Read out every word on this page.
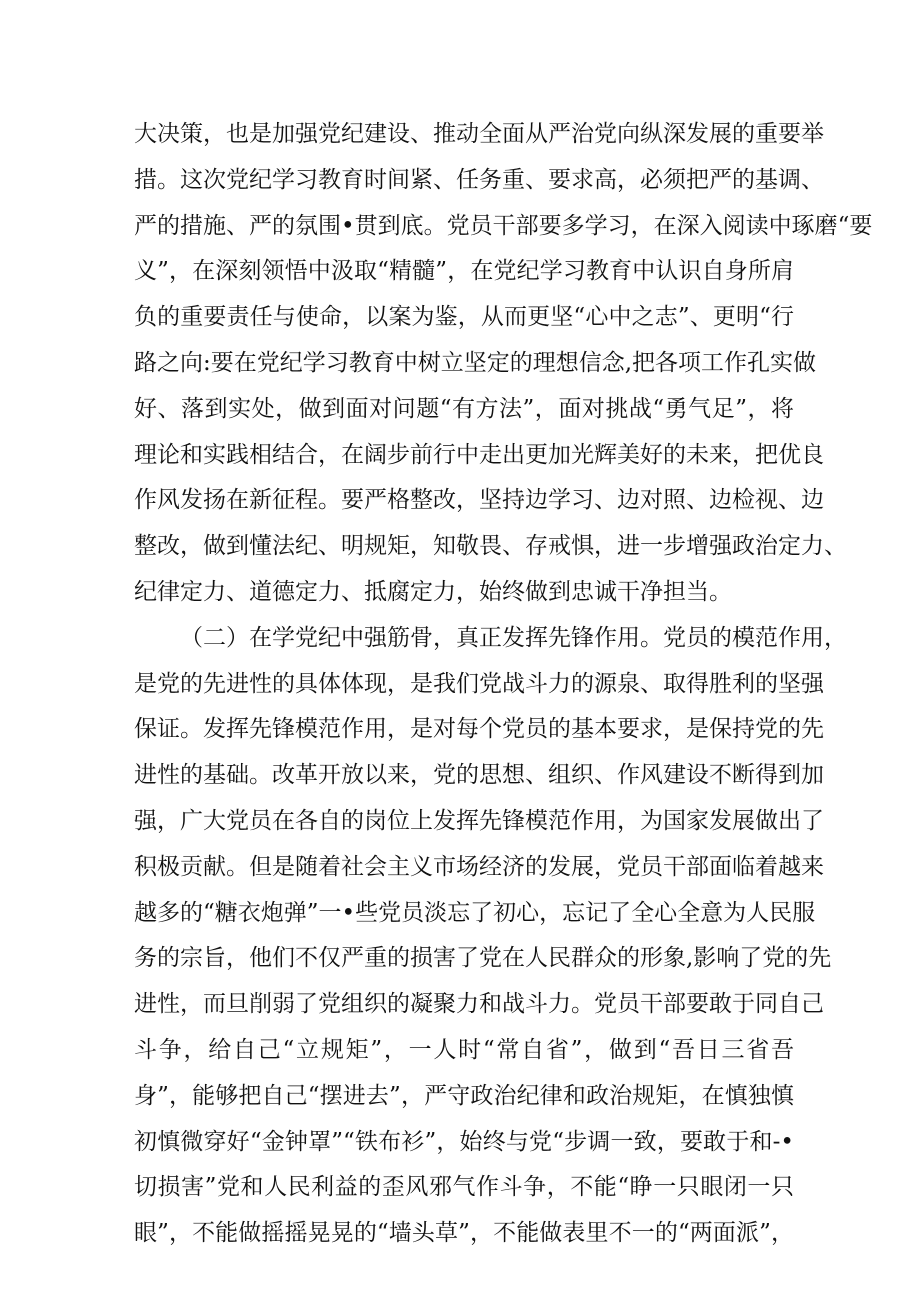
大决策，也是加强党纪建设、推动全面从严治党向纵深发展的重要举
措。这次党纪学习教育时间紧、任务重、要求高，必须把严的基调、
严的措施、严的氛围•贯到底。党员干部要多学习，在深入阅读中琢磨“要
义”，在深刻领悟中汲取“精髓”，在党纪学习教育中认识自身所肩
负的重要责任与使命，以案为鉴，从而更坚“心中之志”、更明“行
路之向:要在党纪学习教育中树立坚定的理想信念,把各项工作孔实做
好、落到实处，做到面对问题“有方法”，面对挑战“勇气足”，将
理论和实践相结合，在阔步前行中走出更加光辉美好的未来，把优良
作风发扬在新征程。要严格整改，坚持边学习、边对照、边检视、边
整改，做到懂法纪、明规矩，知敬畏、存戒惧，进一步增强政治定力、
纪律定力、道德定力、抵腐定力，始终做到忠诚干净担当。
（二）在学党纪中强筋骨，真正发挥先锋作用。党员的模范作用，
是党的先进性的具体体现，是我们党战斗力的源泉、取得胜利的坚强
保证。发挥先锋模范作用，是对每个党员的基本要求，是保持党的先
进性的基础。改革开放以来，党的思想、组织、作风建设不断得到加
强，广大党员在各自的岗位上发挥先锋模范作用，为国家发展做出了
积极贡献。但是随着社会主义市场经济的发展，党员干部面临着越来
越多的“糖衣炮弹”一•些党员淡忘了初心，忘记了全心全意为人民服
务的宗旨，他们不仅严重的损害了党在人民群众的形象,影响了党的先
进性，而旦削弱了党组织的凝聚力和战斗力。党员干部要敢于同自己
斗争，给自己“立规矩”，一人时“常自省”，做到“吾日三省吾
身”，能够把自己“摆进去”，严守政治纪律和政治规矩，在慎独慎
初慎微穿好“金钟罩”“铁布衫”，始终与党“步调一致，要敢于和-•
切损害”党和人民利益的歪风邪气作斗争，不能“睁一只眼闭一只
眼”，不能做摇摇晃晃的“墙头草”，不能做表里不一的“两面派”，
